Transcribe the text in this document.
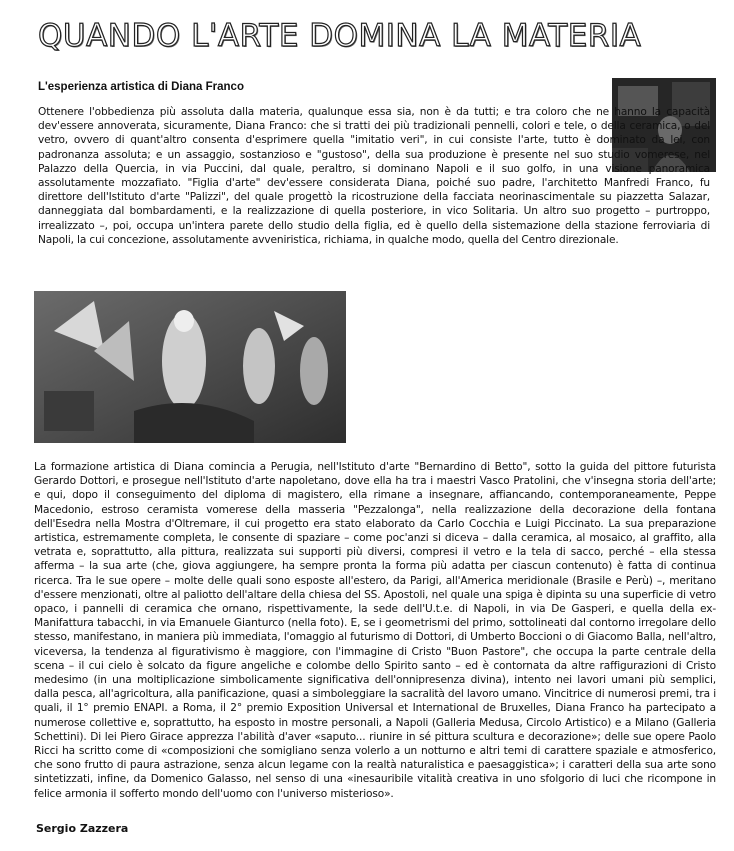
QUANDO L'ARTE DOMINA LA MATERIA
L'esperienza artistica di Diana Franco

Ottenere l'obbedienza più assoluta dalla materia, qualunque essa sia, non è da tutti; e tra coloro che ne hanno la capacità dev'essere annoverata, sicuramente, Diana Franco: che si tratti dei più tradizionali pennelli, colori e tele, o della ceramica, o del vetro, ovvero di quant'altro consenta d'esprimere quella "imitatio veri", in cui consiste l'arte, tutto è dominato da lei, con padronanza assoluta; e un assaggio, sostanzioso e "gustoso", della sua produzione è presente nel suo studio vomerese, nel Palazzo della Quercia, in via Puccini, dal quale, peraltro, si dominano Napoli e il suo golfo, in una visione panoramica assolutamente mozzafiato. "Figlia d'arte" dev'essere considerata Diana, poiché suo padre, l'architetto Manfredi Franco, fu direttore dell'Istituto d'arte "Palizzi", del quale progettò la ricostruzione della facciata neorinascimentale su piazzetta Salazar, danneggiata dal bombardamenti, e la realizzazione di quella posteriore, in vico Solitaria. Un altro suo progetto – purtroppo, irrealizzato –, poi, occupa un'intera parete dello studio della figlia, ed è quello della sistemazione della stazione ferroviaria di Napoli, la cui concezione, assolutamente avveniristica, richiama, in qualche modo, quella del Centro direzionale.

La formazione artistica di Diana comincia a Perugia, nell'Istituto d'arte "Bernardino di Betto", sotto la guida del pittore futurista Gerardo Dottori, e prosegue nell'Istituto d'arte napoletano, dove ella ha tra i maestri Vasco Pratolini, che v'insegna storia dell'arte; e qui, dopo il conseguimento del diploma di magistero, ella rimane a insegnare, affiancando, contemporaneamente, Peppe Macedonio, estroso ceramista vomerese della masseria "Pezzalonga", nella realizzazione della decorazione della fontana dell'Esedra nella Mostra d'Oltremare, il cui progetto era stato elaborato da Carlo Cocchia e Luigi Piccinato. La sua preparazione artistica, estremamente completa, le consente di spaziare – come poc'anzi si diceva – dalla ceramica, al mosaico, al graffito, alla vetrata e, soprattutto, alla pittura, realizzata sui supporti più diversi, compresi il vetro e la tela di sacco, perché – ella stessa afferma – la sua arte (che, giova aggiungere, ha sempre pronta la forma più adatta per ciascun contenuto) è fatta di continua ricerca. Tra le sue opere – molte delle quali sono esposte all'estero, da Parigi, all'America meridionale (Brasile e Perù) –, meritano d'essere menzionati, oltre al paliotto dell'altare della chiesa del SS. Apostoli, nel quale una spiga è dipinta su una superficie di vetro opaco, i pannelli di ceramica che ornano, rispettivamente, la sede dell'U.t.e. di Napoli, in via De Gasperi, e quella della ex-Manifattura tabacchi, in via Emanuele Gianturco (nella foto). E, se i geometrismi del primo, sottolineati dal contorno irregolare dello stesso, manifestano, in maniera più immediata, l'omaggio al futurismo di Dottori, di Umberto Boccioni o di Giacomo Balla, nell'altro, viceversa, la tendenza al figurativismo è maggiore, con l'immagine di Cristo "Buon Pastore", che occupa la parte centrale della scena – il cui cielo è solcato da figure angeliche e colombe dello Spirito santo – ed è contornata da altre raffigurazioni di Cristo medesimo (in una moltiplicazione simbolicamente significativa dell'onnipresenza divina), intento nei lavori umani più semplici, dalla pesca, all'agricoltura, alla panificazione, quasi a simboleggiare la sacralità del lavoro umano. Vincitrice di numerosi premi, tra i quali, il 1° premio ENAPI. a Roma, il 2° premio Exposition Universal et International de Bruxelles, Diana Franco ha partecipato a numerose collettive e, soprattutto, ha esposto in mostre personali, a Napoli (Galleria Medusa, Circolo Artistico) e a Milano (Galleria Schettini). Di lei Piero Girace apprezza l'abilità d'aver «saputo... riunire in sé pittura scultura e decorazione»; delle sue opere Paolo Ricci ha scritto come di «composizioni che somigliano senza volerlo a un notturno e altri temi di carattere spaziale e atmosferico, che sono frutto di paura astrazione, senza alcun legame con la realtà naturalistica e paesaggistica»; i caratteri della sua arte sono sintetizzati, infine, da Domenico Galasso, nel senso di una «inesauribile vitalità creativa in uno sfolgorio di luci che ricompone in felice armonia il sofferto mondo dell'uomo con l'universo misterioso».

Sergio Zazzera
